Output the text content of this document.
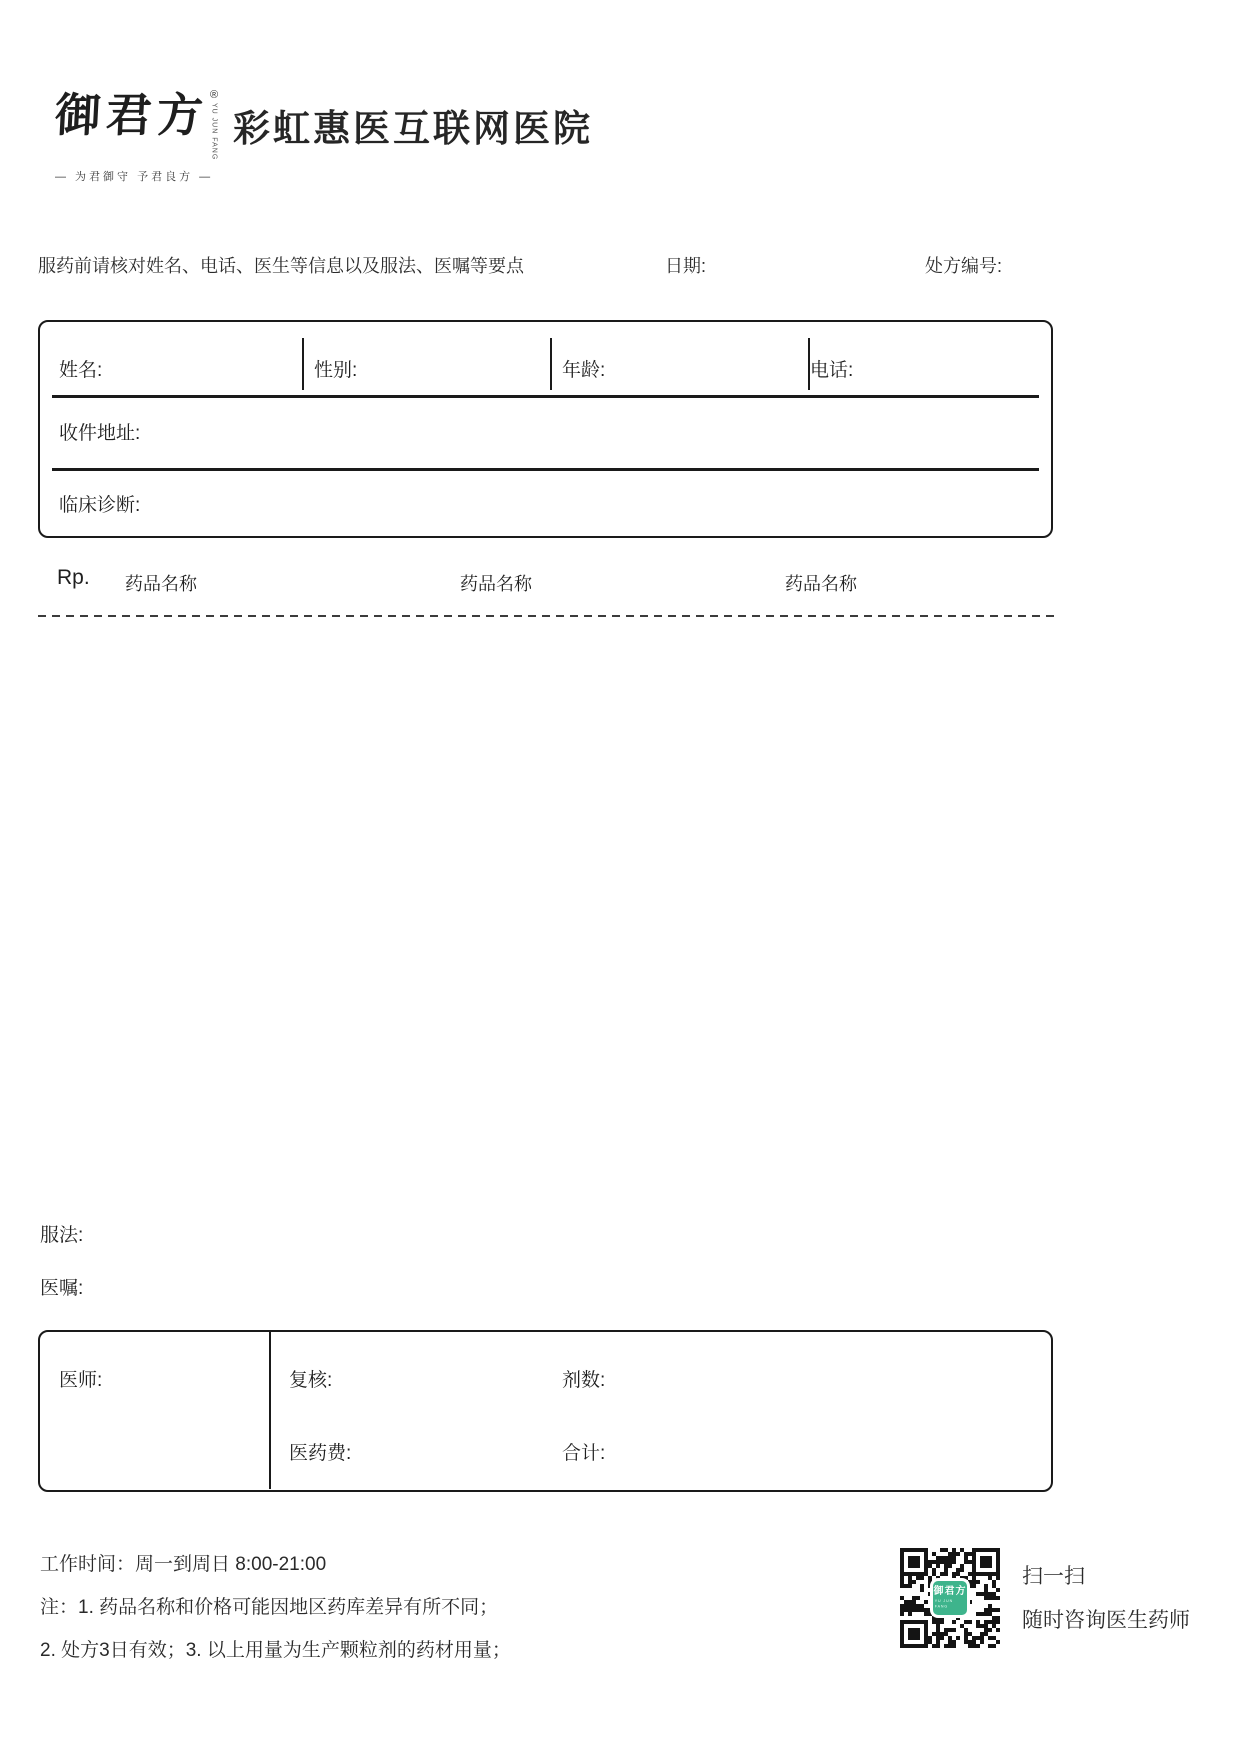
御君方 ®
YU JUN FANG
— 为君御守 予君良方 —
彩虹惠医互联网医院
服药前请核对姓名、电话、医生等信息以及服法、医嘱等要点	日期:	处方编号:
姓名:	性别:	年龄:	电话:
收件地址:
临床诊断:
Rp. 药品名称	药品名称	药品名称
服法:
医嘱:
医师:	复核:	剂数:
医药费:	合计:
工作时间：周一到周日 8:00-21:00
注：1. 药品名称和价格可能因地区药库差异有所不同；
2. 处方3日有效；3. 以上用量为生产颗粒剂的药材用量；
御君方
YU JUN FANG
扫一扫
随时咨询医生药师
